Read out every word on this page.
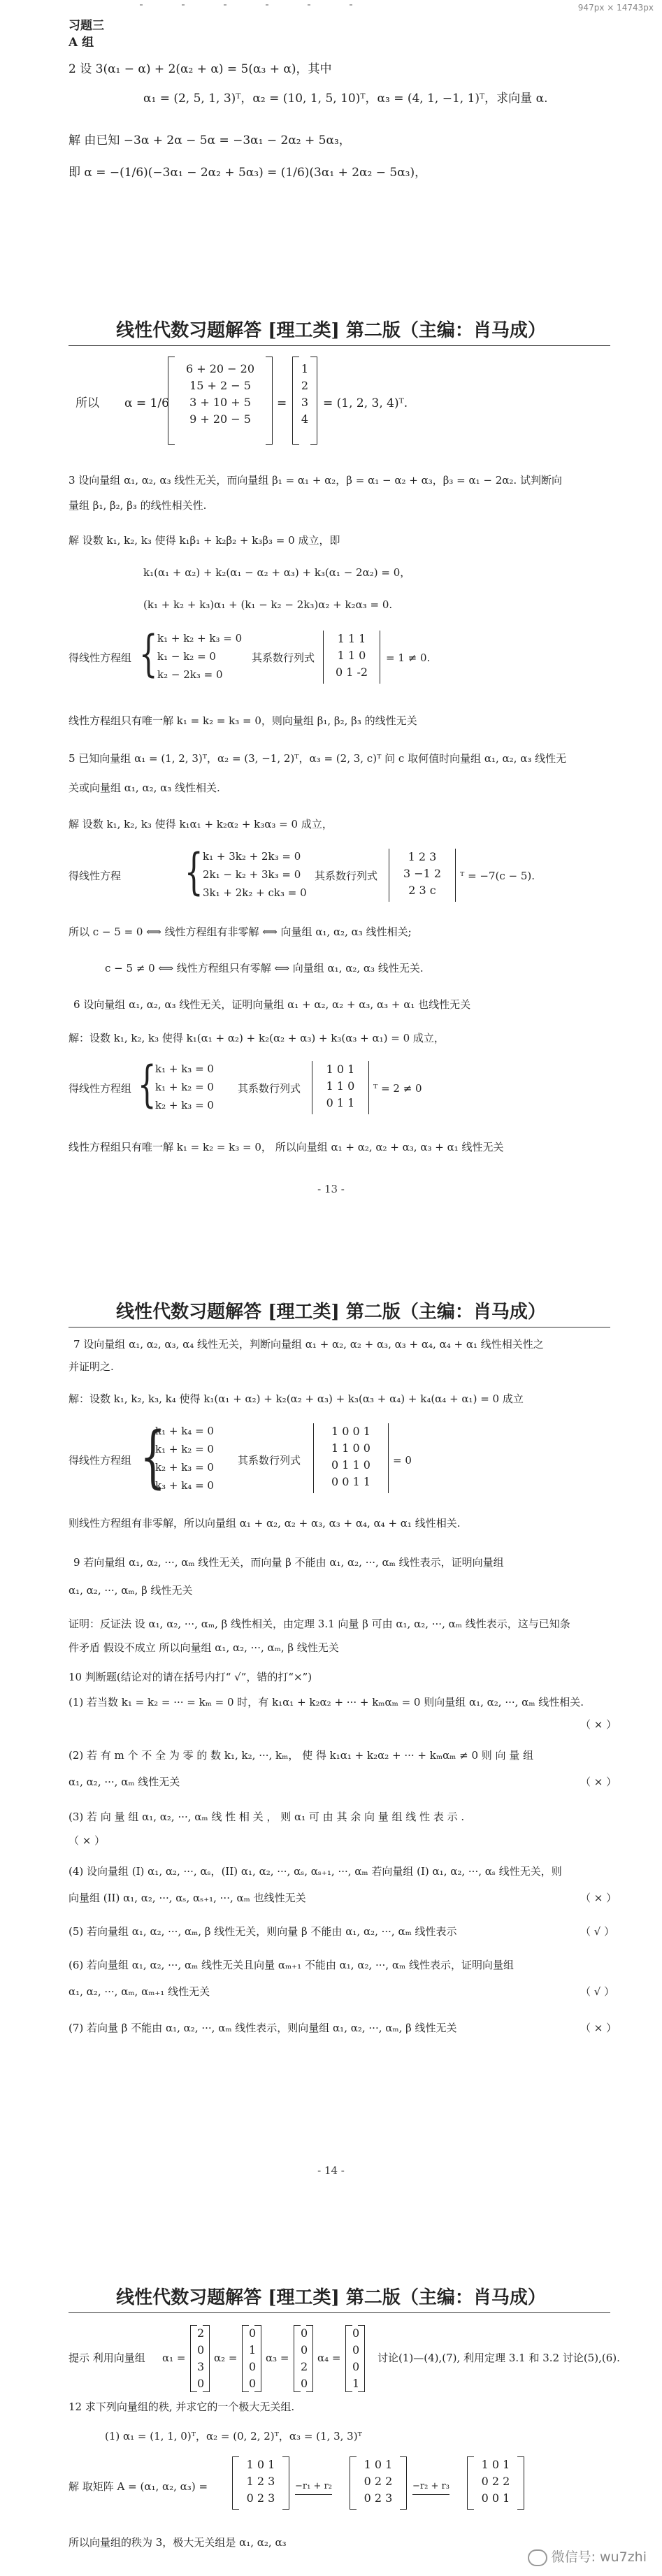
947px × 14743px
习题三
A 组
2 设 3(α₁ − α) + 2(α₂ + α) = 5(α₃ + α)，其中
α₁ = (2, 5, 1, 3)ᵀ，α₂ = (10, 1, 5, 10)ᵀ，α₃ = (4, 1, −1, 1)ᵀ，求向量 α.
解 由已知 −3α + 2α − 5α = −3α₁ − 2α₂ + 5α₃，
即 α = −(1/6)(−3α₁ − 2α₂ + 5α₃) = (1/6)(3α₁ + 2α₂ − 5α₃)，
线性代数习题解答 [理工类] 第二版（主编：肖马成）
所以 α = 1/6
6 + 20 − 20
15 + 2 − 5
3 + 10 + 5
9 + 20 − 5
=
1
2
3
4
= (1, 2, 3, 4)ᵀ.
3 设向量组 α₁, α₂, α₃ 线性无关，而向量组 β₁ = α₁ + α₂，β = α₁ − α₂ + α₃，β₃ = α₁ − 2α₂. 试判断向
量组 β₁, β₂, β₃ 的线性相关性.
解 设数 k₁, k₂, k₃ 使得 k₁β₁ + k₂β₂ + k₃β₃ = 0 成立，即
k₁(α₁ + α₂) + k₂(α₁ − α₂ + α₃) + k₃(α₁ − 2α₂) = 0，
(k₁ + k₂ + k₃)α₁ + (k₁ − k₂ − 2k₃)α₂ + k₂α₃ = 0.
得线性方程组 { k₁ + k₂ + k₃ = 0
k₁ − k₂ = 0
k₂ − 2k₃ = 0
其系数行列式
1 1 1
1 1 0
0 1 -2
= 1 ≠ 0.
线性方程组只有唯一解 k₁ = k₂ = k₃ = 0，则向量组 β₁, β₂, β₃ 的线性无关
5 已知向量组 α₁ = (1, 2, 3)ᵀ，α₂ = (3, −1, 2)ᵀ，α₃ = (2, 3, c)ᵀ 问 c 取何值时向量组 α₁, α₂, α₃ 线性无
关或向量组 α₁, α₂, α₃ 线性相关.
解 设数 k₁, k₂, k₃ 使得 k₁α₁ + k₂α₂ + k₃α₃ = 0 成立，
得线性方程 { k₁ + 3k₂ + 2k₃ = 0
2k₁ − k₂ + 3k₃ = 0
3k₁ + 2k₂ + ck₃ = 0
其系数行列式
1 2 3
3 −1 2
2 3 c
ᵀ = −7(c − 5).
所以 c − 5 = 0 ⟺ 线性方程组有非零解 ⟺ 向量组 α₁, α₂, α₃ 线性相关;
c − 5 ≠ 0 ⟺ 线性方程组只有零解 ⟺ 向量组 α₁, α₂, α₃ 线性无关.
6 设向量组 α₁, α₂, α₃ 线性无关，证明向量组 α₁ + α₂, α₂ + α₃, α₃ + α₁ 也线性无关
解：设数 k₁, k₂, k₃ 使得 k₁(α₁ + α₂) + k₂(α₂ + α₃) + k₃(α₃ + α₁) = 0 成立，
得线性方程组 {
k₁ + k₃ = 0
k₁ + k₂ = 0
k₂ + k₃ = 0
其系数行列式
1 0 1
1 1 0
0 1 1
ᵀ = 2 ≠ 0
线性方程组只有唯一解 k₁ = k₂ = k₃ = 0， 所以向量组 α₁ + α₂, α₂ + α₃, α₃ + α₁ 线性无关
- 13 -
线性代数习题解答 [理工类] 第二版（主编：肖马成）
7 设向量组 α₁, α₂, α₃, α₄ 线性无关，判断向量组 α₁ + α₂, α₂ + α₃, α₃ + α₄, α₄ + α₁ 线性相关性之
并证明之.
解：设数 k₁, k₂, k₃, k₄ 使得 k₁(α₁ + α₂) + k₂(α₂ + α₃) + k₃(α₃ + α₄) + k₄(α₄ + α₁) = 0 成立
得线性方程组 {
k₁ + k₄ = 0
k₁ + k₂ = 0
k₂ + k₃ = 0
k₃ + k₄ = 0
其系数行列式
1 0 0 1
1 1 0 0
0 1 1 0
0 0 1 1
= 0
则线性方程组有非零解，所以向量组 α₁ + α₂, α₂ + α₃, α₃ + α₄, α₄ + α₁ 线性相关.
9 若向量组 α₁, α₂, ···, αₘ 线性无关，而向量 β 不能由 α₁, α₂, ···, αₘ 线性表示，证明向量组
α₁, α₂, ···, αₘ, β 线性无关
证明：反证法 设 α₁, α₂, ···, αₘ, β 线性相关，由定理 3.1 向量 β 可由 α₁, α₂, ···, αₘ 线性表示，这与已知条
件矛盾 假设不成立 所以向量组 α₁, α₂, ···, αₘ, β 线性无关
10 判断题(结论对的请在括号内打“ √”，错的打“×”)
(1) 若当数 k₁ = k₂ = ··· = kₘ = 0 时，有 k₁α₁ + k₂α₂ + ··· + kₘαₘ = 0 则向量组 α₁, α₂, ···, αₘ 线性相关.
（ × ）
(2) 若 有 m 个 不 全 为 零 的 数 k₁, k₂, ···, kₘ， 使 得 k₁α₁ + k₂α₂ + ··· + kₘαₘ ≠ 0 则 向 量 组
α₁, α₂, ···, αₘ 线性无关	（ × ）
(3) 若 向 量 组 α₁, α₂, ···, αₘ 线 性 相 关 ， 则 α₁ 可 由 其 余 向 量 组 线 性 表 示 .
（ × ）
(4) 设向量组 (I) α₁, α₂, ···, αₛ，(II) α₁, α₂, ···, αₛ, αₛ₊₁, ···, αₘ 若向量组 (I) α₁, α₂, ···, αₛ 线性无关，则
向量组 (II) α₁, α₂, ···, αₛ, αₛ₊₁, ···, αₘ 也线性无关	（ × ）
(5) 若向量组 α₁, α₂, ···, αₘ, β 线性无关，则向量 β 不能由 α₁, α₂, ···, αₘ 线性表示	（ √ ）
(6) 若向量组 α₁, α₂, ···, αₘ 线性无关且向量 αₘ₊₁ 不能由 α₁, α₂, ···, αₘ 线性表示，证明向量组
α₁, α₂, ···, αₘ, αₘ₊₁ 线性无关	（ √ ）
(7) 若向量 β 不能由 α₁, α₂, ···, αₘ 线性表示，则向量组 α₁, α₂, ···, αₘ, β 线性无关	（ × ）
- 14 -
线性代数习题解答 [理工类] 第二版（主编：肖马成）
提示 利用向量组 α₁ =
2
0
3
0
α₂ =
0
1
0
0
α₃ =
0
0
2
0
α₄ =
0
0
0
1
讨论(1)—(4),(7), 利用定理 3.1 和 3.2 讨论(5),(6).
12 求下列向量组的秩, 并求它的一个极大无关组.
(1) α₁ = (1, 1, 0)ᵀ，α₂ = (0, 2, 2)ᵀ，α₃ = (1, 3, 3)ᵀ
解 取矩阵 A = (α₁, α₂, α₃) =
1 0 1
1 2 3
0 2 3
−r₁ + r₂
1 0 1
0 2 2
0 2 3
−r₂ + r₃
1 0 1
0 2 2
0 0 1
所以向量组的秩为 3，极大无关组是 α₁, α₂, α₃
微信号: wu7zhi
